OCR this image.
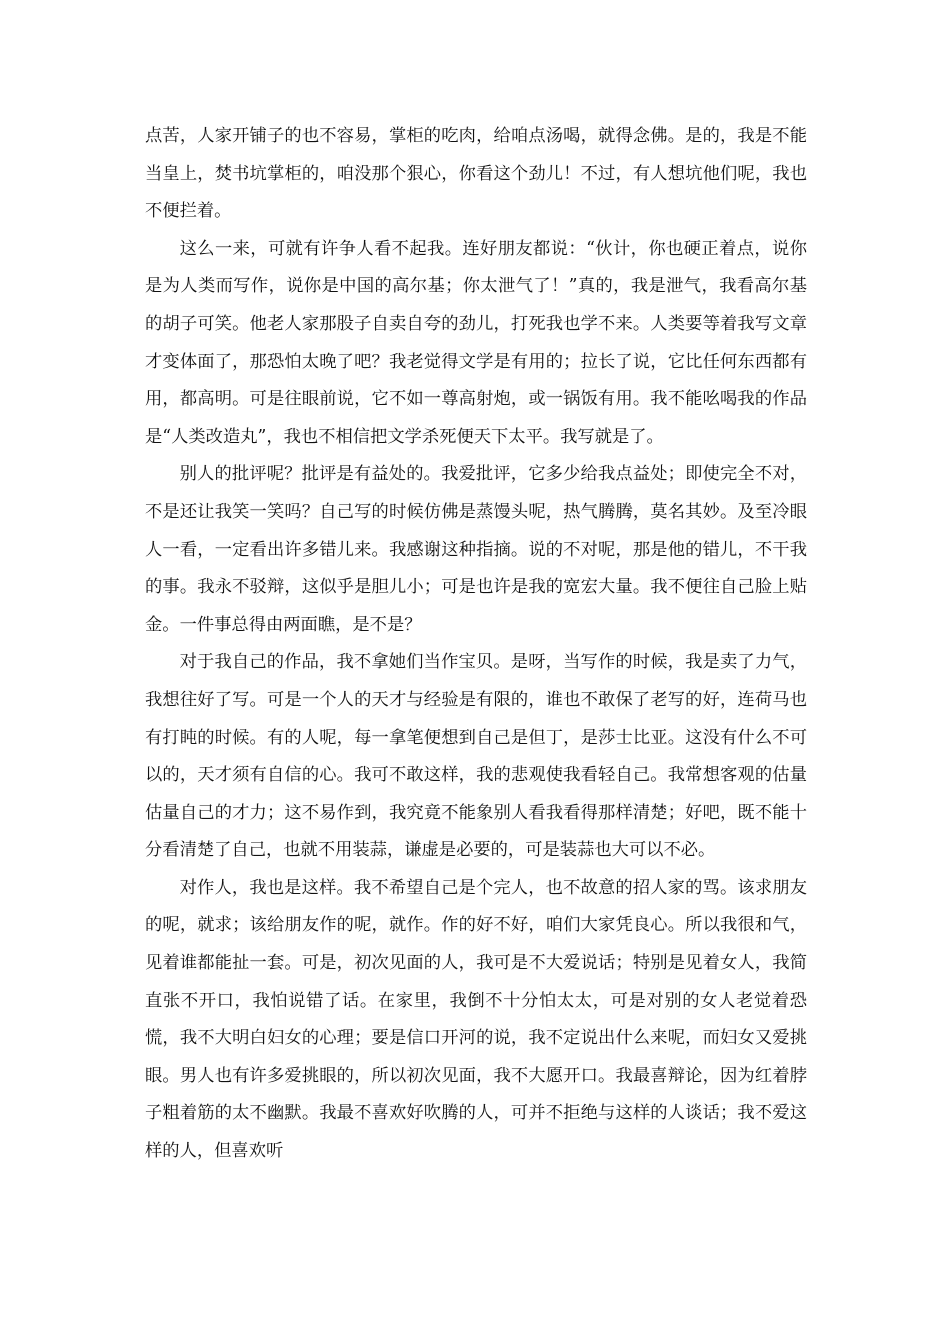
点苦，人家开铺子的也不容易，掌柜的吃肉，给咱点汤喝，就得念佛。是的，我是不能当皇上，焚书坑掌柜的，咱没那个狠心，你看这个劲儿！不过，有人想坑他们呢，我也不便拦着。

这么一来，可就有许争人看不起我。连好朋友都说：“伙计，你也硬正着点，说你是为人类而写作，说你是中国的高尔基；你太泄气了！”真的，我是泄气，我看高尔基的胡子可笑。他老人家那股子自卖自夸的劲儿，打死我也学不来。人类要等着我写文章才变体面了，那恐怕太晚了吧？我老觉得文学是有用的；拉长了说，它比任何东西都有用，都高明。可是往眼前说，它不如一尊高射炮，或一锅饭有用。我不能吆喝我的作品是“人类改造丸”，我也不相信把文学杀死便天下太平。我写就是了。

别人的批评呢？批评是有益处的。我爱批评，它多少给我点益处；即使完全不对，不是还让我笑一笑吗？自己写的时候仿佛是蒸馒头呢，热气腾腾，莫名其妙。及至冷眼人一看，一定看出许多错儿来。我感谢这种指摘。说的不对呢，那是他的错儿，不干我的事。我永不驳辩，这似乎是胆儿小；可是也许是我的宽宏大量。我不便往自己脸上贴金。一件事总得由两面瞧，是不是？

对于我自己的作品，我不拿她们当作宝贝。是呀，当写作的时候，我是卖了力气，我想往好了写。可是一个人的天才与经验是有限的，谁也不敢保了老写的好，连荷马也有打盹的时候。有的人呢，每一拿笔便想到自己是但丁，是莎士比亚。这没有什么不可以的，天才须有自信的心。我可不敢这样，我的悲观使我看轻自己。我常想客观的估量估量自己的才力；这不易作到，我究竟不能象别人看我看得那样清楚；好吧，既不能十分看清楚了自己，也就不用装蒜，谦虚是必要的，可是装蒜也大可以不必。

对作人，我也是这样。我不希望自己是个完人，也不故意的招人家的骂。该求朋友的呢，就求；该给朋友作的呢，就作。作的好不好，咱们大家凭良心。所以我很和气，见着谁都能扯一套。可是，初次见面的人，我可是不大爱说话；特别是见着女人，我简直张不开口，我怕说错了话。在家里，我倒不十分怕太太，可是对别的女人老觉着恐慌，我不大明白妇女的心理；要是信口开河的说，我不定说出什么来呢，而妇女又爱挑眼。男人也有许多爱挑眼的，所以初次见面，我不大愿开口。我最喜辩论，因为红着脖子粗着筋的太不幽默。我最不喜欢好吹腾的人，可并不拒绝与这样的人谈话；我不爱这样的人，但喜欢听
